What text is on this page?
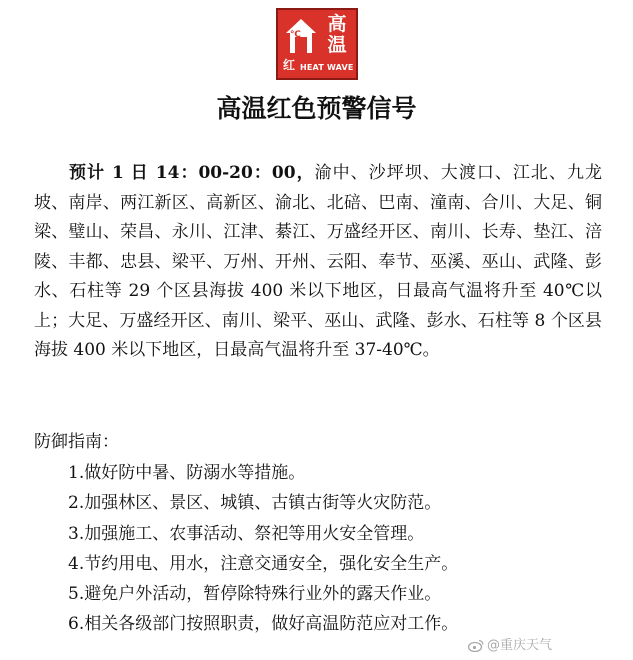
℃ 高温
红 HEAT WAVE
高温红色预警信号

预计 1 日 14：00-20：00，渝中、沙坪坝、大渡口、江北、九龙坡、南岸、两江新区、高新区、渝北、北碚、巴南、潼南、合川、大足、铜梁、璧山、荣昌、永川、江津、綦江、万盛经开区、南川、长寿、垫江、涪陵、丰都、忠县、梁平、万州、开州、云阳、奉节、巫溪、巫山、武隆、彭水、石柱等 29 个区县海拔 400 米以下地区，日最高气温将升至 40℃以上；大足、万盛经开区、南川、梁平、巫山、武隆、彭水、石柱等 8 个区县海拔 400 米以下地区，日最高气温将升至 37-40℃。

防御指南：

1.做好防中暑、防溺水等措施。
2.加强林区、景区、城镇、古镇古街等火灾防范。
3.加强施工、农事活动、祭祀等用火安全管理。
4.节约用电、用水，注意交通安全，强化安全生产。
5.避免户外活动，暂停除特殊行业外的露天作业。
6.相关各级部门按照职责，做好高温防范应对工作。
@重庆天气
